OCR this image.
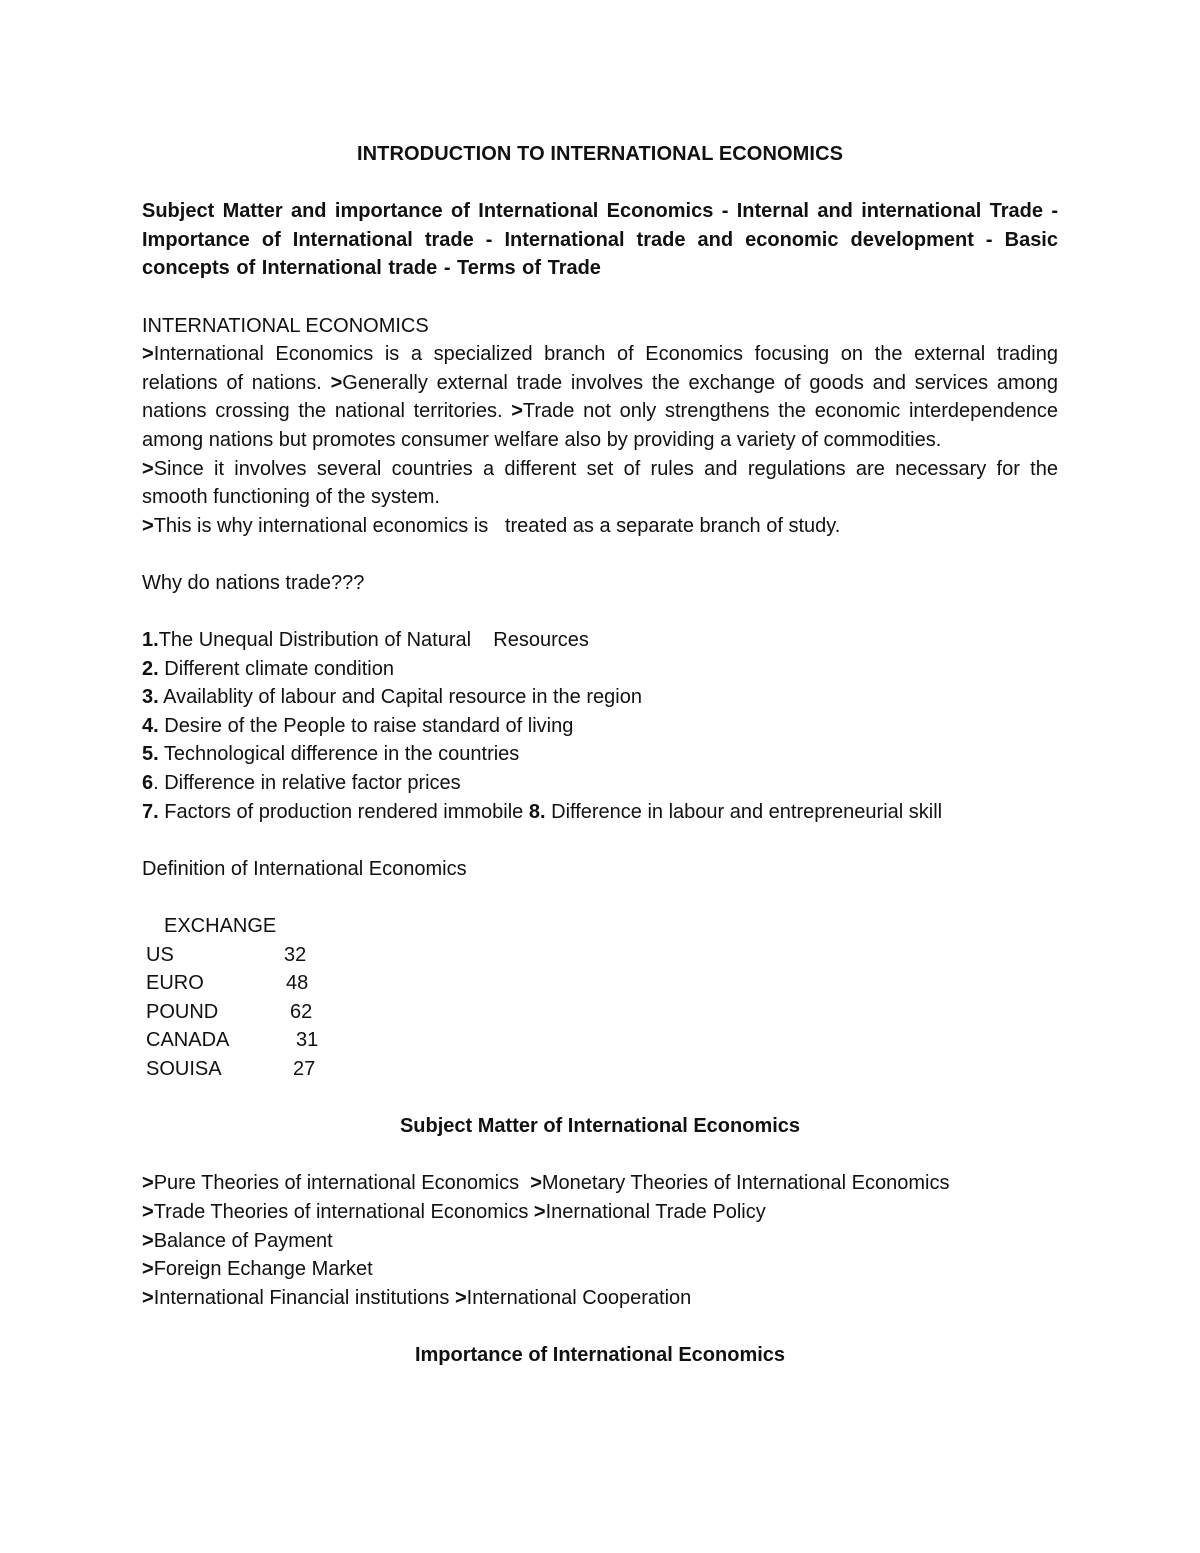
INTRODUCTION TO INTERNATIONAL ECONOMICS
Subject Matter and importance of International Economics - Internal and international Trade - Importance of International trade - International trade and economic development - Basic concepts of International trade - Terms of Trade
INTERNATIONAL ECONOMICS
>International Economics is a specialized branch of Economics focusing on the external trading relations of nations. >Generally external trade involves the exchange of goods and services among nations crossing the national territories. >Trade not only strengthens the economic interdependence among nations but promotes consumer welfare also by providing a variety of commodities.
>Since it involves several countries a different set of rules and regulations are necessary for the smooth functioning of the system.
>This is why international economics is   treated as a separate branch of study.
Why do nations trade???
1.The Unequal Distribution of Natural    Resources
2. Different climate condition
3. Availablity of labour and Capital resource in the region
4. Desire of the People to raise standard of living
5. Technological difference in the countries
6. Difference in relative factor prices
7. Factors of production rendered immobile 8. Difference in labour and entrepreneurial skill
Definition of International Economics
EXCHANGE
US	32
EURO	48
POUND	62
CANADA	31
SOUISA	27
Subject Matter of International Economics
>Pure Theories of international Economics  >Monetary Theories of International Economics
>Trade Theories of international Economics >Inernational Trade Policy
>Balance of Payment
>Foreign Echange Market
>International Financial institutions >International Cooperation
Importance of International Economics
